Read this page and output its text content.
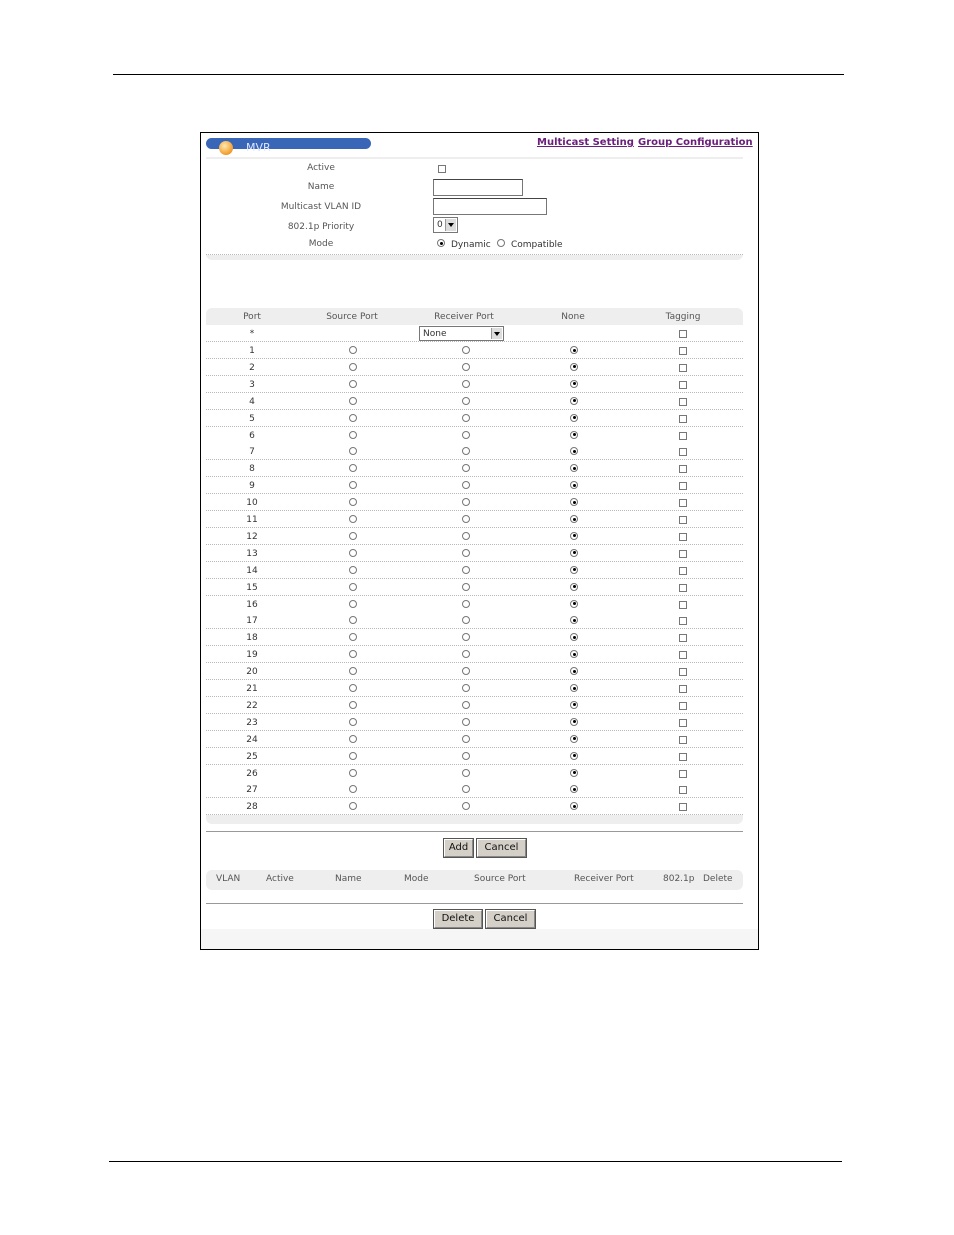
MVR	Multicast Setting Group Configuration
Active
Name
Multicast VLAN ID
802.1p Priority	0
Mode	Dynamic Compatible
Port	Source Port	Receiver Port	None	Tagging
*	None
1
2
3
4
5
6
7
8
9
10
11
12
13
14
15
16
17
18
19
20
21
22
23
24
25
26
27
28
Add	Cancel
VLAN	Active	Name	Mode	Source Port	Receiver Port	802.1p Delete
Delete	Cancel
